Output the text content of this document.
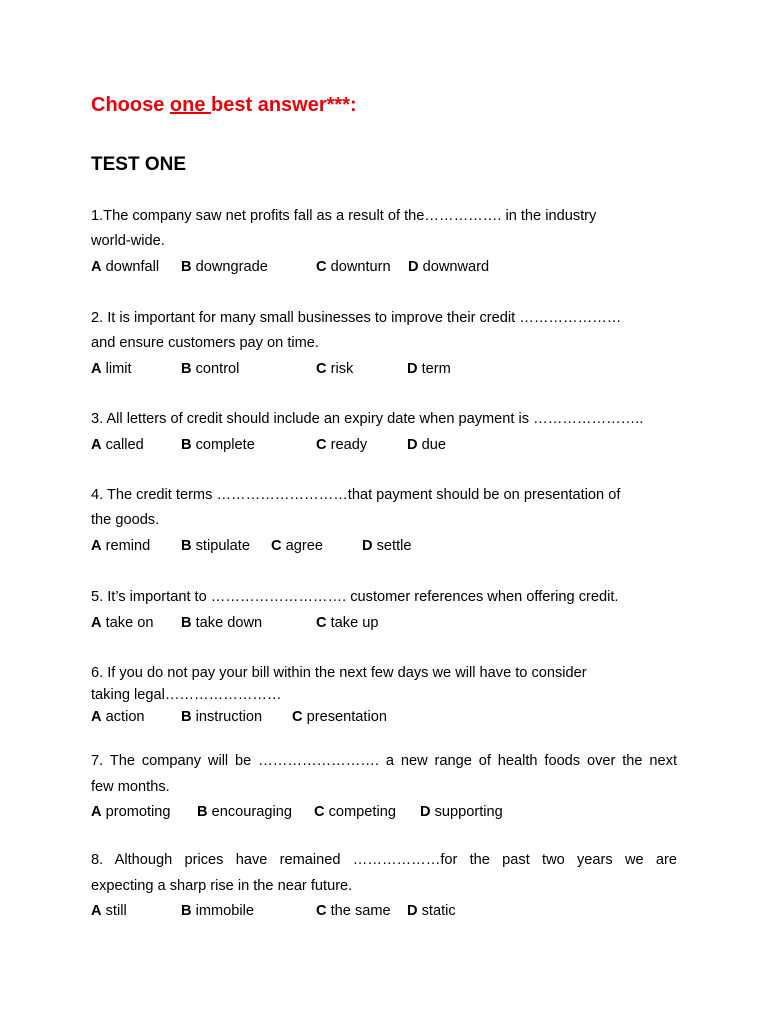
Choose one best answer***:
TEST ONE
1.The company saw net profits fall as a result of the……………. in the industry
world-wide.
A downfall B downgrade	C downturn D downward
2. It is important for many small businesses to improve their credit …………………
and ensure customers pay on time.
A limit	B control	C risk	D term
3. All letters of credit should include an expiry date when payment is …………………..
A called	B complete	C ready	D due
4. The credit terms ………………………that payment should be on presentation of
the goods.
A remind B stipulate C agree	D settle
5. It’s important to ………………………. customer references when offering credit.
A take on B take down	C take up
6. If you do not pay your bill within the next few days we will have to consider
taking legal……………………
A action B instruction C presentation
7. The company will be ……………………. a new range of health foods over the next
few months.
A promoting B encouraging C competing D supporting
8. Although prices have remained ………………for the past two years we are
expecting a sharp rise in the near future.
A still	B immobile	C the same D static
